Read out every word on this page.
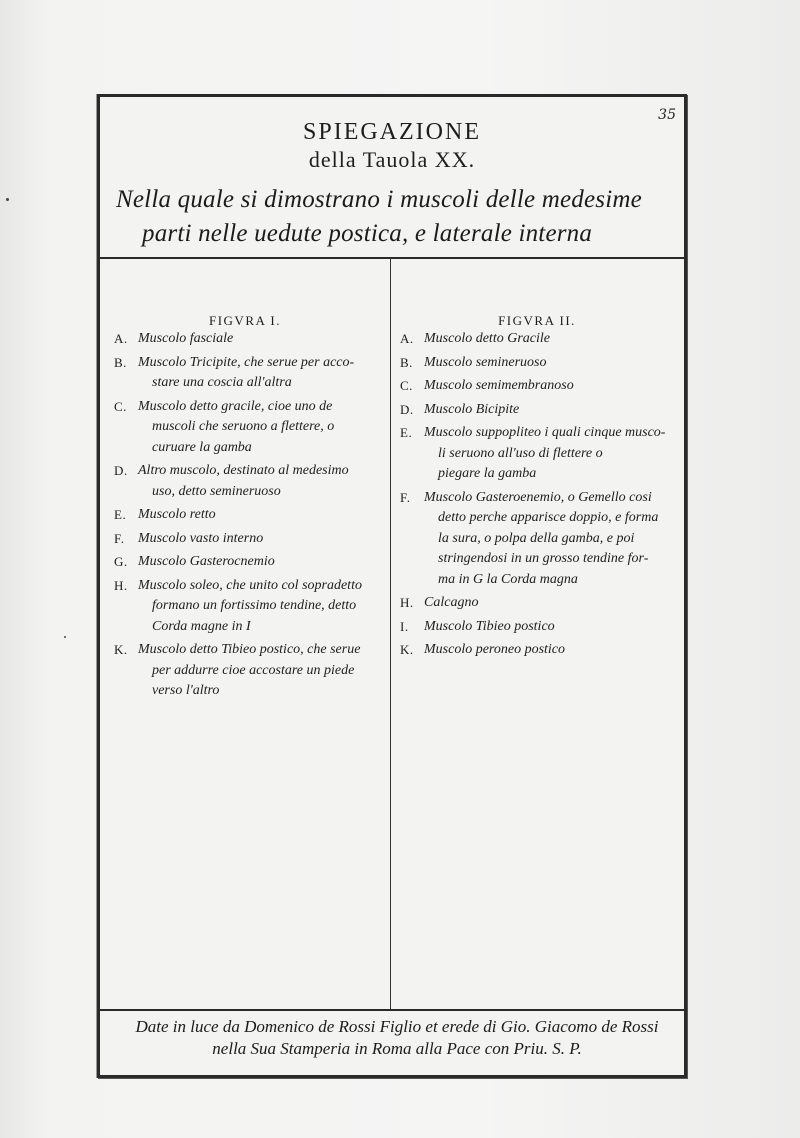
35
SPIEGAZIONE
della Tauola XX.
Nella quale si dimostrano i muscoli delle medesime
parti nelle uedute postica, e laterale interna
FIGVRA I.
A. Muscolo fasciale
B. Muscolo Tricipite, che serue per acco-
stare una coscia all'altra
C. Muscolo detto gracile, cioe uno de
muscoli che seruono a flettere, o
curuare la gamba
D. Altro muscolo, destinato al medesimo
uso, detto semineruoso
E. Muscolo retto
F. Muscolo vasto interno
G. Muscolo Gasterocnemio
H. Muscolo soleo, che unito col sopradetto
formano un fortissimo tendine, detto
Corda magne in I
K. Muscolo detto Tibieo postico, che serue
per addurre cioe accostare un piede
verso l'altro
FIGVRA II.
A. Muscolo detto Gracile
B. Muscolo semineruoso
C. Muscolo semimembranoso
D. Muscolo Bicipite
E. Muscolo suppopliteo i quali cinque musco-
li seruono all'uso di flettere o
piegare la gamba
F. Muscolo Gasteroenemio, o Gemello cosi
detto perche apparisce doppio, e forma
la sura, o polpa della gamba, e poi
stringendosi in un grosso tendine for-
ma in G la Corda magna
H. Calcagno
I. Muscolo Tibieo postico
K. Muscolo peroneo postico
Date in luce da Domenico de Rossi Figlio et erede di Gio. Giacomo de Rossi
nella Sua Stamperia in Roma alla Pace con Priu. S. P.
